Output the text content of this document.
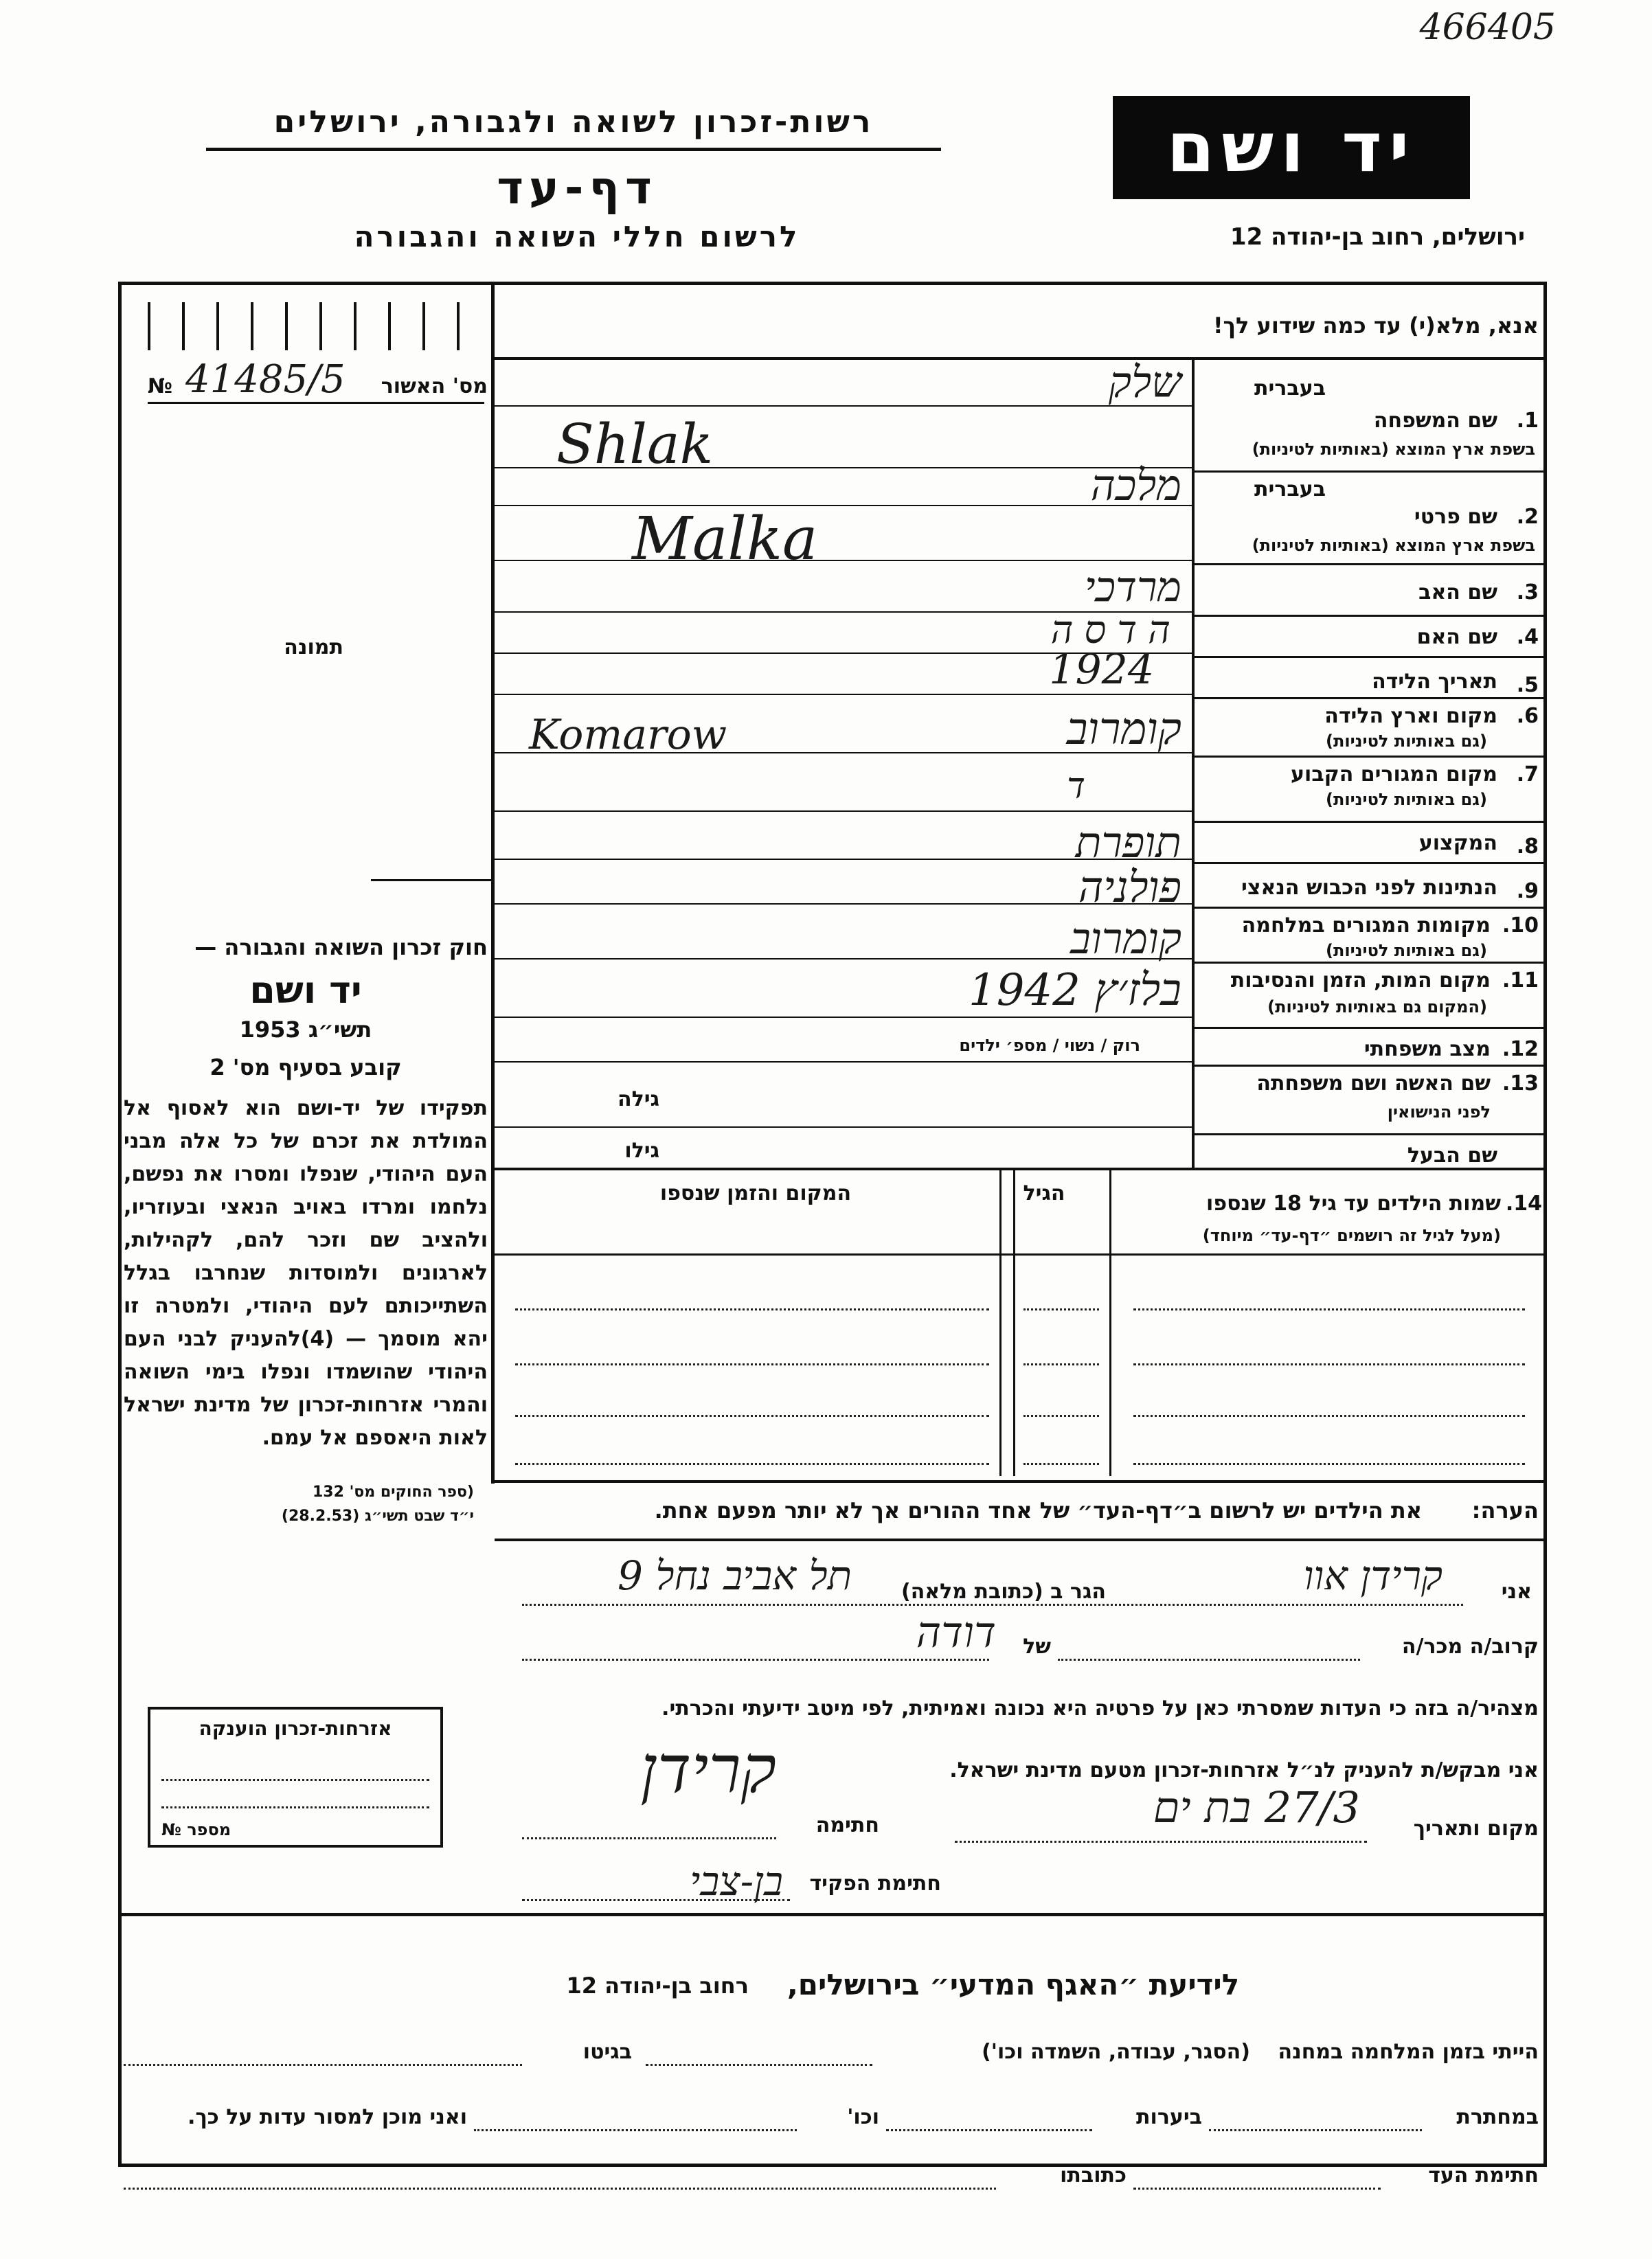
466405
רשות-זכרון לשואה ולגבורה, ירושלים
דף-עד
לרשום חללי השואה והגבורה
יד ושם
ירושלים, רחוב בן-יהודה 12
№ 41485/5	מס' האשור
תמונה
חוק זכרון השואה והגבורה —
יד ושם
תשי״ג 1953
קובע בסעיף מס' 2
תפקידו של יד-ושם הוא לאסוף אל המולדת את זכרם של כל אלה מבני העם היהודי, שנפלו ומסרו את נפשם, נלחמו ומרדו באויב הנאצי ובעוזריו, ולהציב שם וזכר להם, לקהילות, לארגונים ולמוסדות שנחרבו בגלל השתייכותם לעם היהודי, ולמטרה זו יהא מוסמך — (4)להעניק לבני העם היהודי שהושמדו ונפלו בימי השואה והמרי אזרחות-זכרון של מדינת ישראל לאות היאספם אל עמם.
(ספר החוקים מס' 132
י״ד שבט תשי״ג (28.2.53)
אזרחות-זכרון הוענקה
מספר №
אנא, מלא(י) עד כמה שידוע לך!
בעברית
1.
שם המשפחה
בשפת ארץ המוצא (באותיות לטיניות)
בעברית
2.
שם פרטי
בשפת ארץ המוצא (באותיות לטיניות)
3.
שם האב
4.
שם האם
5.
תאריך הלידה
6.
מקום וארץ הלידה
(גם באותיות לטיניות)
7.
מקום המגורים הקבוע
(גם באותיות לטיניות)
8.
המקצוע
9.
הנתינות לפני הכבוש הנאצי
10.
מקומות המגורים במלחמה
(גם באותיות לטיניות)
11.
מקום המות, הזמן והנסיבות
(המקום גם באותיות לטיניות)
12.
מצב משפחתי
רוק / נשוי / מספ׳ ילדים
13.
שם האשה ושם משפחתה
לפני הנישואין
גילה
שם הבעל
גילו
שלק
Shlak
מלכה
Malka
מרדכי
הדסה
1924
קומרוב
Komarow
ד
תופרת
פולניה
קומרוב
בלז׳ץ 1942
14.
שמות הילדים עד גיל 18 שנספו
(מעל לגיל זה רושמים ״דף-עד״ מיוחד)
הגיל
המקום והזמן שנספו
הערה:
את הילדים יש לרשום ב״דף-העד״ של אחד ההורים אך לא יותר מפעם אחת.
אני
קרידן אוו
הגר ב (כתובת מלאה)
תל אביב נחל 9
קרוב/ה מכר/ה
של
דודה
מצהיר/ה בזה כי העדות שמסרתי כאן על פרטיה היא נכונה ואמיתית, לפי מיטב ידיעתי והכרתי.
אני מבקש/ת להעניק לנ״ל אזרחות-זכרון מטעם מדינת ישראל.
מקום ותאריך
27/3 בת ים
חתימה
קרידן
חתימת הפקיד
בן-צבי
לידיעת ״האגף המדעי״ בירושלים,
רחוב בן-יהודה 12
הייתי בזמן המלחמה במחנה
(הסגר, עבודה, השמדה וכו')
בגיטו
במחתרת
ביערות
וכו'
ואני מוכן למסור עדות על כך.
חתימת העד
כתובתו
